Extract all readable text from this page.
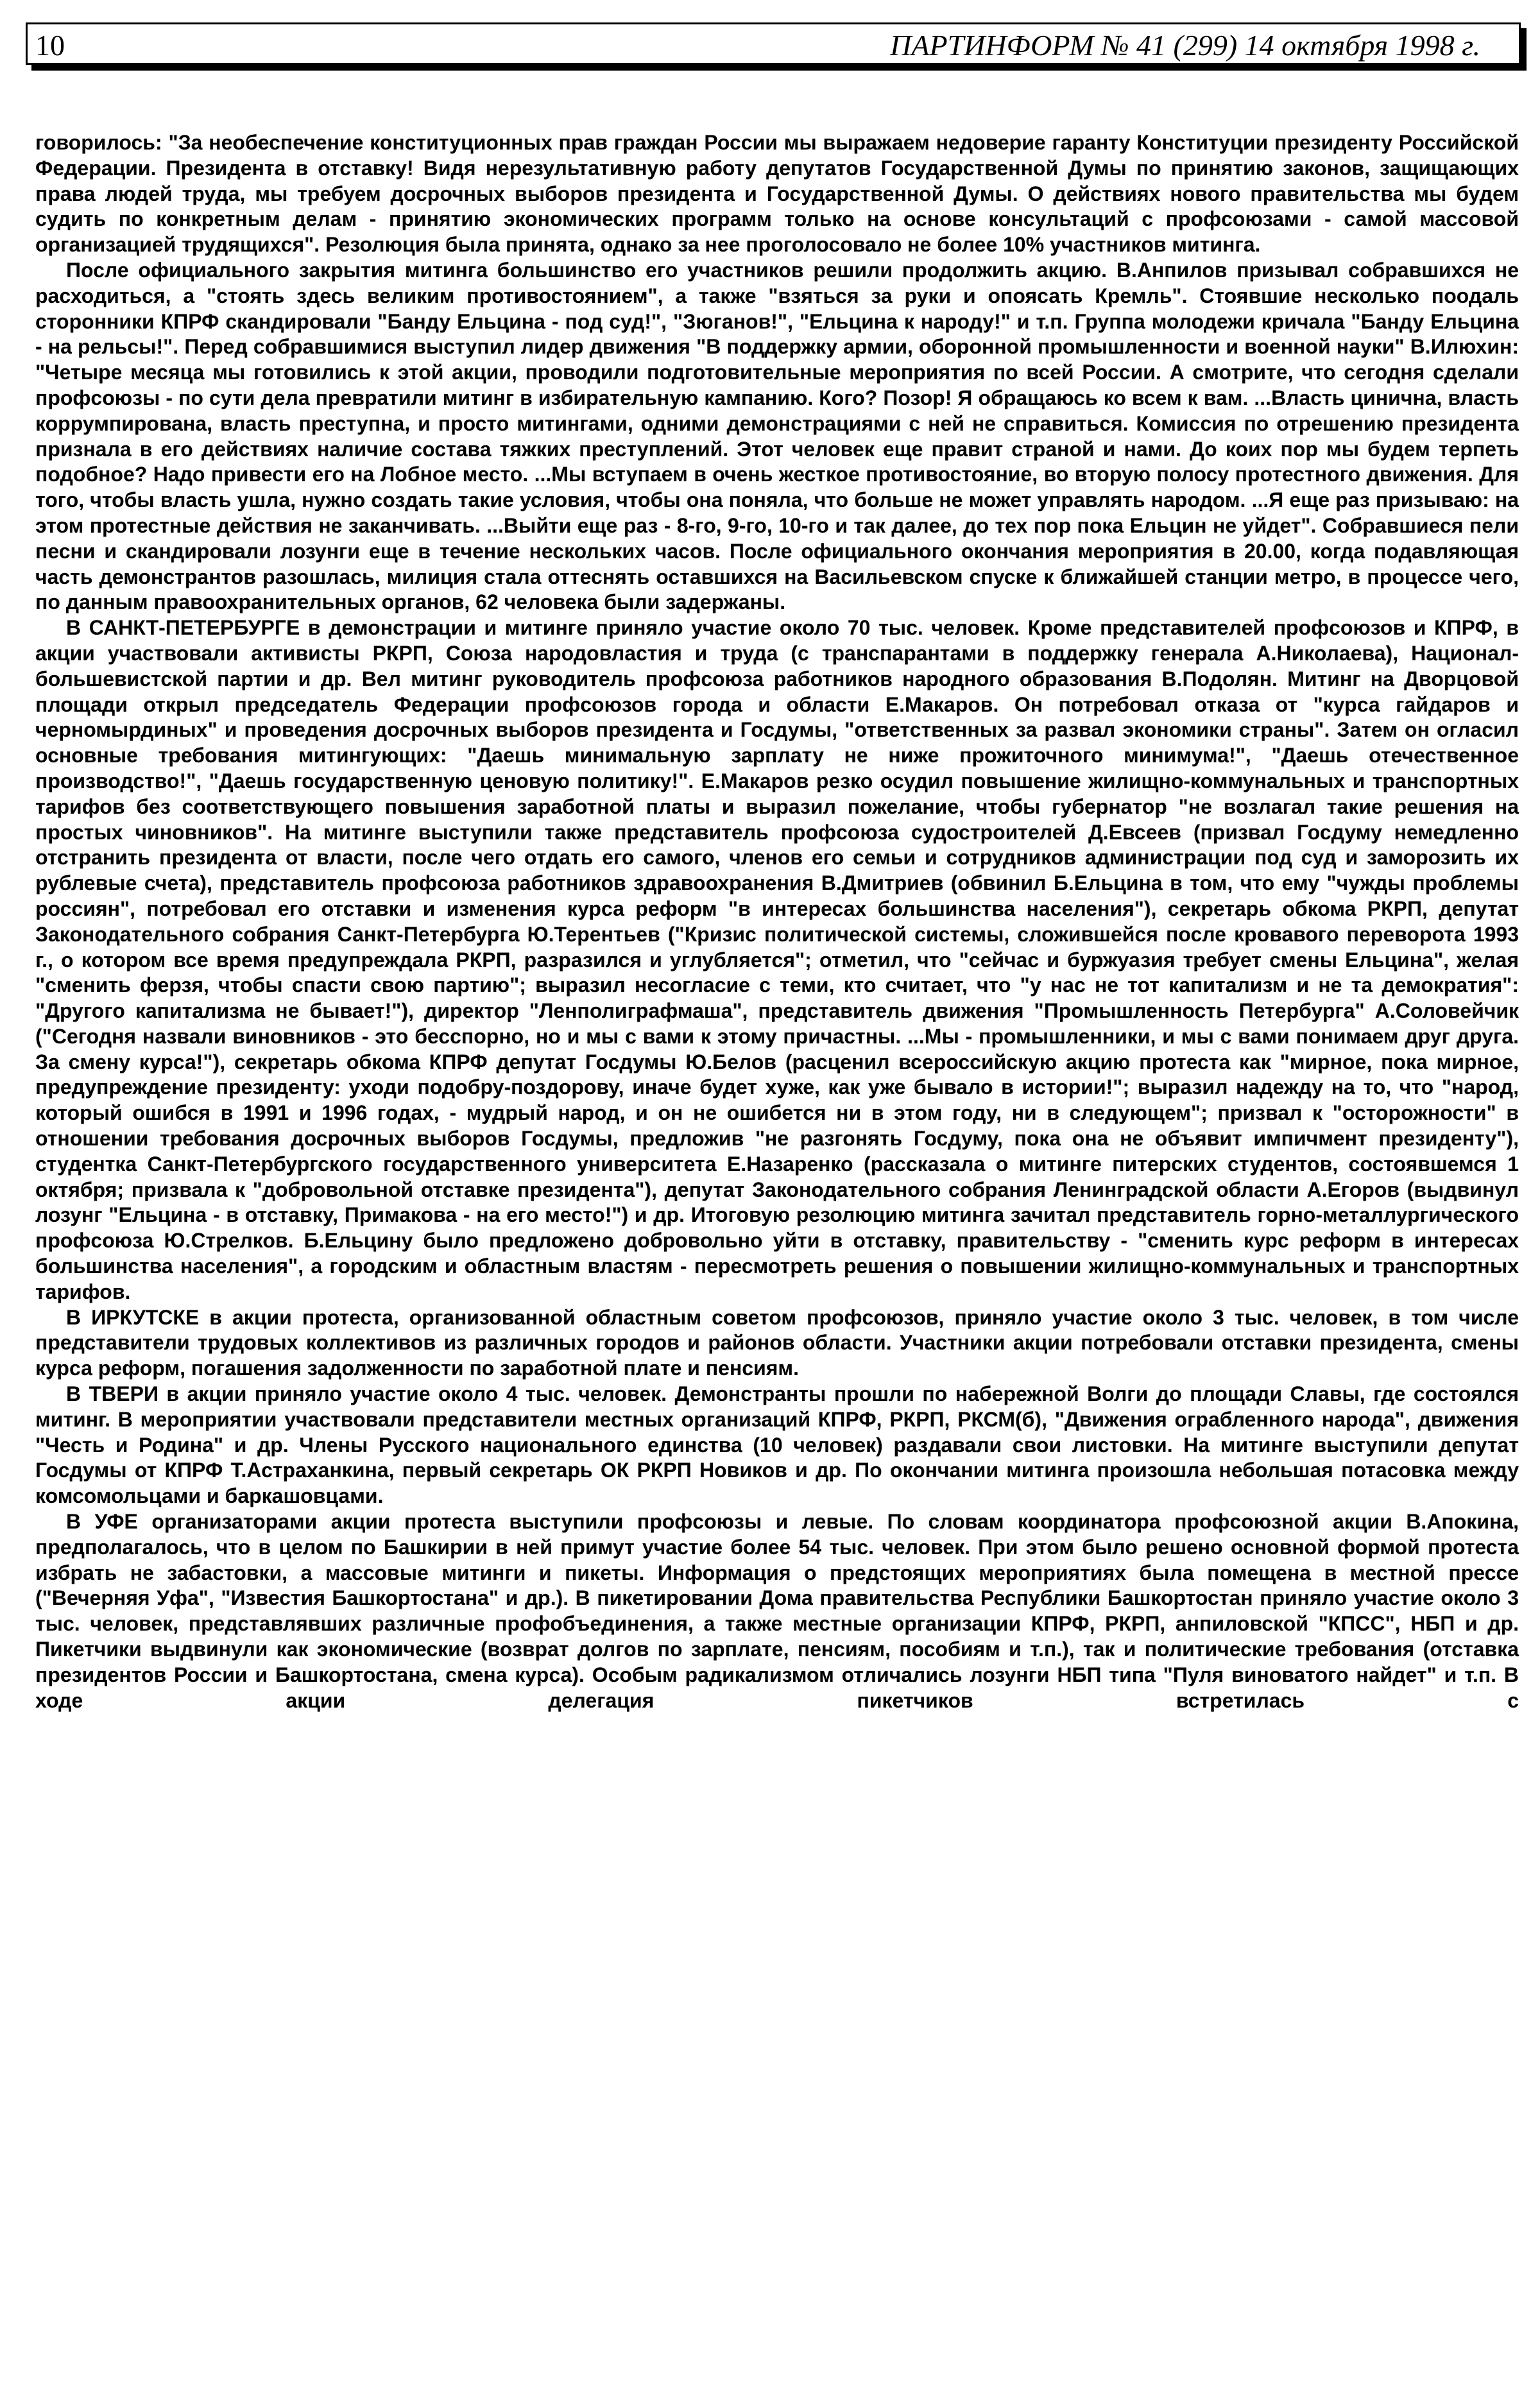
10	ПАРТИНФОРМ № 41 (299) 14 октября 1998 г.

говорилось: "За необеспечение конституционных прав граждан России мы выражаем недоверие гаранту Конституции президенту Российской Федерации. Президента в отставку! Видя нерезультативную работу депутатов Государственной Думы по принятию законов, защищающих права людей труда, мы требуем досрочных выборов президента и Государственной Думы. О действиях нового правительства мы будем судить по конкретным делам - принятию экономических программ только на основе консультаций с профсоюзами - самой массовой организацией трудящихся". Резолюция была принята, однако за нее проголосовало не более 10% участников митинга.

После официального закрытия митинга большинство его участников решили продолжить акцию. В.Анпилов призывал собравшихся не расходиться, а "стоять здесь великим противостоянием", а также "взяться за руки и опоясать Кремль". Стоявшие несколько поодаль сторонники КПРФ скандировали "Банду Ельцина - под суд!", "Зюганов!", "Ельцина к народу!" и т.п. Группа молодежи кричала "Банду Ельцина - на рельсы!". Перед собравшимися выступил лидер движения "В поддержку армии, оборонной промышленности и военной науки" В.Илюхин: "Четыре месяца мы готовились к этой акции, проводили подготовительные мероприятия по всей России. А смотрите, что сегодня сделали профсоюзы - по сути дела превратили митинг в избирательную кампанию. Кого? Позор! Я обращаюсь ко всем к вам. ...Власть цинична, власть коррумпирована, власть преступна, и просто митингами, одними демонстрациями с ней не справиться. Комиссия по отрешению президента признала в его действиях наличие состава тяжких преступлений. Этот человек еще правит страной и нами. До коих пор мы будем терпеть подобное? Надо привести его на Лобное место. ...Мы вступаем в очень жесткое противостояние, во вторую полосу протестного движения. Для того, чтобы власть ушла, нужно создать такие условия, чтобы она поняла, что больше не может управлять народом. ...Я еще раз призываю: на этом протестные действия не заканчивать. ...Выйти еще раз - 8-го, 9-го, 10-го и так далее, до тех пор пока Ельцин не уйдет". Собравшиеся пели песни и скандировали лозунги еще в течение нескольких часов. После официального окончания мероприятия в 20.00, когда подавляющая часть демонстрантов разошлась, милиция стала оттеснять оставшихся на Васильевском спуске к ближайшей станции метро, в процессе чего, по данным правоохранительных органов, 62 человека были задержаны.

В САНКТ-ПЕТЕРБУРГЕ в демонстрации и митинге приняло участие около 70 тыс. человек. Кроме представителей профсоюзов и КПРФ, в акции участвовали активисты РКРП, Союза народовластия и труда (с транспарантами в поддержку генерала А.Николаева), Национал-большевистской партии и др. Вел митинг руководитель профсоюза работников народного образования В.Подолян. Митинг на Дворцовой площади открыл председатель Федерации профсоюзов города и области Е.Макаров. Он потребовал отказа от "курса гайдаров и черномырдиных" и проведения досрочных выборов президента и Госдумы, "ответственных за развал экономики страны". Затем он огласил основные требования митингующих: "Даешь минимальную зарплату не ниже прожиточного минимума!", "Даешь отечественное производство!", "Даешь государственную ценовую политику!". Е.Макаров резко осудил повышение жилищно-коммунальных и транспортных тарифов без соответствующего повышения заработной платы и выразил пожелание, чтобы губернатор "не возлагал такие решения на простых чиновников". На митинге выступили также представитель профсоюза судостроителей Д.Евсеев (призвал Госдуму немедленно отстранить президента от власти, после чего отдать его самого, членов его семьи и сотрудников администрации под суд и заморозить их рублевые счета), представитель профсоюза работников здравоохранения В.Дмитриев (обвинил Б.Ельцина в том, что ему "чужды проблемы россиян", потребовал его отставки и изменения курса реформ "в интересах большинства населения"), секретарь обкома РКРП, депутат Законодательного собрания Санкт-Петербурга Ю.Терентьев ("Кризис политической системы, сложившейся после кровавого переворота 1993 г., о котором все время предупреждала РКРП, разразился и углубляется"; отметил, что "сейчас и буржуазия требует смены Ельцина", желая "сменить ферзя, чтобы спасти свою партию"; выразил несогласие с теми, кто считает, что "у нас не тот капитализм и не та демократия": "Другого капитализма не бывает!"), директор "Ленполиграфмаша", представитель движения "Промышленность Петербурга" А.Соловейчик ("Сегодня назвали виновников - это бесспорно, но и мы с вами к этому причастны. ...Мы - промышленники, и мы с вами понимаем друг друга. За смену курса!"), секретарь обкома КПРФ депутат Госдумы Ю.Белов (расценил всероссийскую акцию протеста как "мирное, пока мирное, предупреждение президенту: уходи подобру-поздорову, иначе будет хуже, как уже бывало в истории!"; выразил надежду на то, что "народ, который ошибся в 1991 и 1996 годах, - мудрый народ, и он не ошибется ни в этом году, ни в следующем"; призвал к "осторожности" в отношении требования досрочных выборов Госдумы, предложив "не разгонять Госдуму, пока она не объявит импичмент президенту"), студентка Санкт-Петербургского государственного университета Е.Назаренко (рассказала о митинге питерских студентов, состоявшемся 1 октября; призвала к "добровольной отставке президента"), депутат Законодательного собрания Ленинградской области А.Егоров (выдвинул лозунг "Ельцина - в отставку, Примакова - на его место!") и др. Итоговую резолюцию митинга зачитал представитель горно-металлургического профсоюза Ю.Стрелков. Б.Ельцину было предложено добровольно уйти в отставку, правительству - "сменить курс реформ в интересах большинства населения", а городским и областным властям - пересмотреть решения о повышении жилищно-коммунальных и транспортных тарифов.

В ИРКУТСКЕ в акции протеста, организованной областным советом профсоюзов, приняло участие около 3 тыс. человек, в том числе представители трудовых коллективов из различных городов и районов области. Участники акции потребовали отставки президента, смены курса реформ, погашения задолженности по заработной плате и пенсиям.

В ТВЕРИ в акции приняло участие около 4 тыс. человек. Демонстранты прошли по набережной Волги до площади Славы, где состоялся митинг. В мероприятии участвовали представители местных организаций КПРФ, РКРП, РКСМ(б), "Движения ограбленного народа", движения "Честь и Родина" и др. Члены Русского национального единства (10 человек) раздавали свои листовки. На митинге выступили депутат Госдумы от КПРФ Т.Астраханкина, первый секретарь ОК РКРП Новиков и др. По окончании митинга произошла небольшая потасовка между комсомольцами и баркашовцами.

В УФЕ организаторами акции протеста выступили профсоюзы и левые. По словам координатора профсоюзной акции В.Апокина, предполагалось, что в целом по Башкирии в ней примут участие более 54 тыс. человек. При этом было решено основной формой протеста избрать не забастовки, а массовые митинги и пикеты. Информация о предстоящих мероприятиях была помещена в местной прессе ("Вечерняя Уфа", "Известия Башкортостана" и др.). В пикетировании Дома правительства Республики Башкортостан приняло участие около 3 тыс. человек, представлявших различные профобъединения, а также местные организации КПРФ, РКРП, анпиловской "КПСС", НБП и др. Пикетчики выдвинули как экономические (возврат долгов по зарплате, пенсиям, пособиям и т.п.), так и политические требования (отставка президентов России и Башкортостана, смена курса). Особым радикализмом отличались лозунги НБП типа "Пуля виноватого найдет" и т.п. В ходе акции делегация пикетчиков встретилась с
